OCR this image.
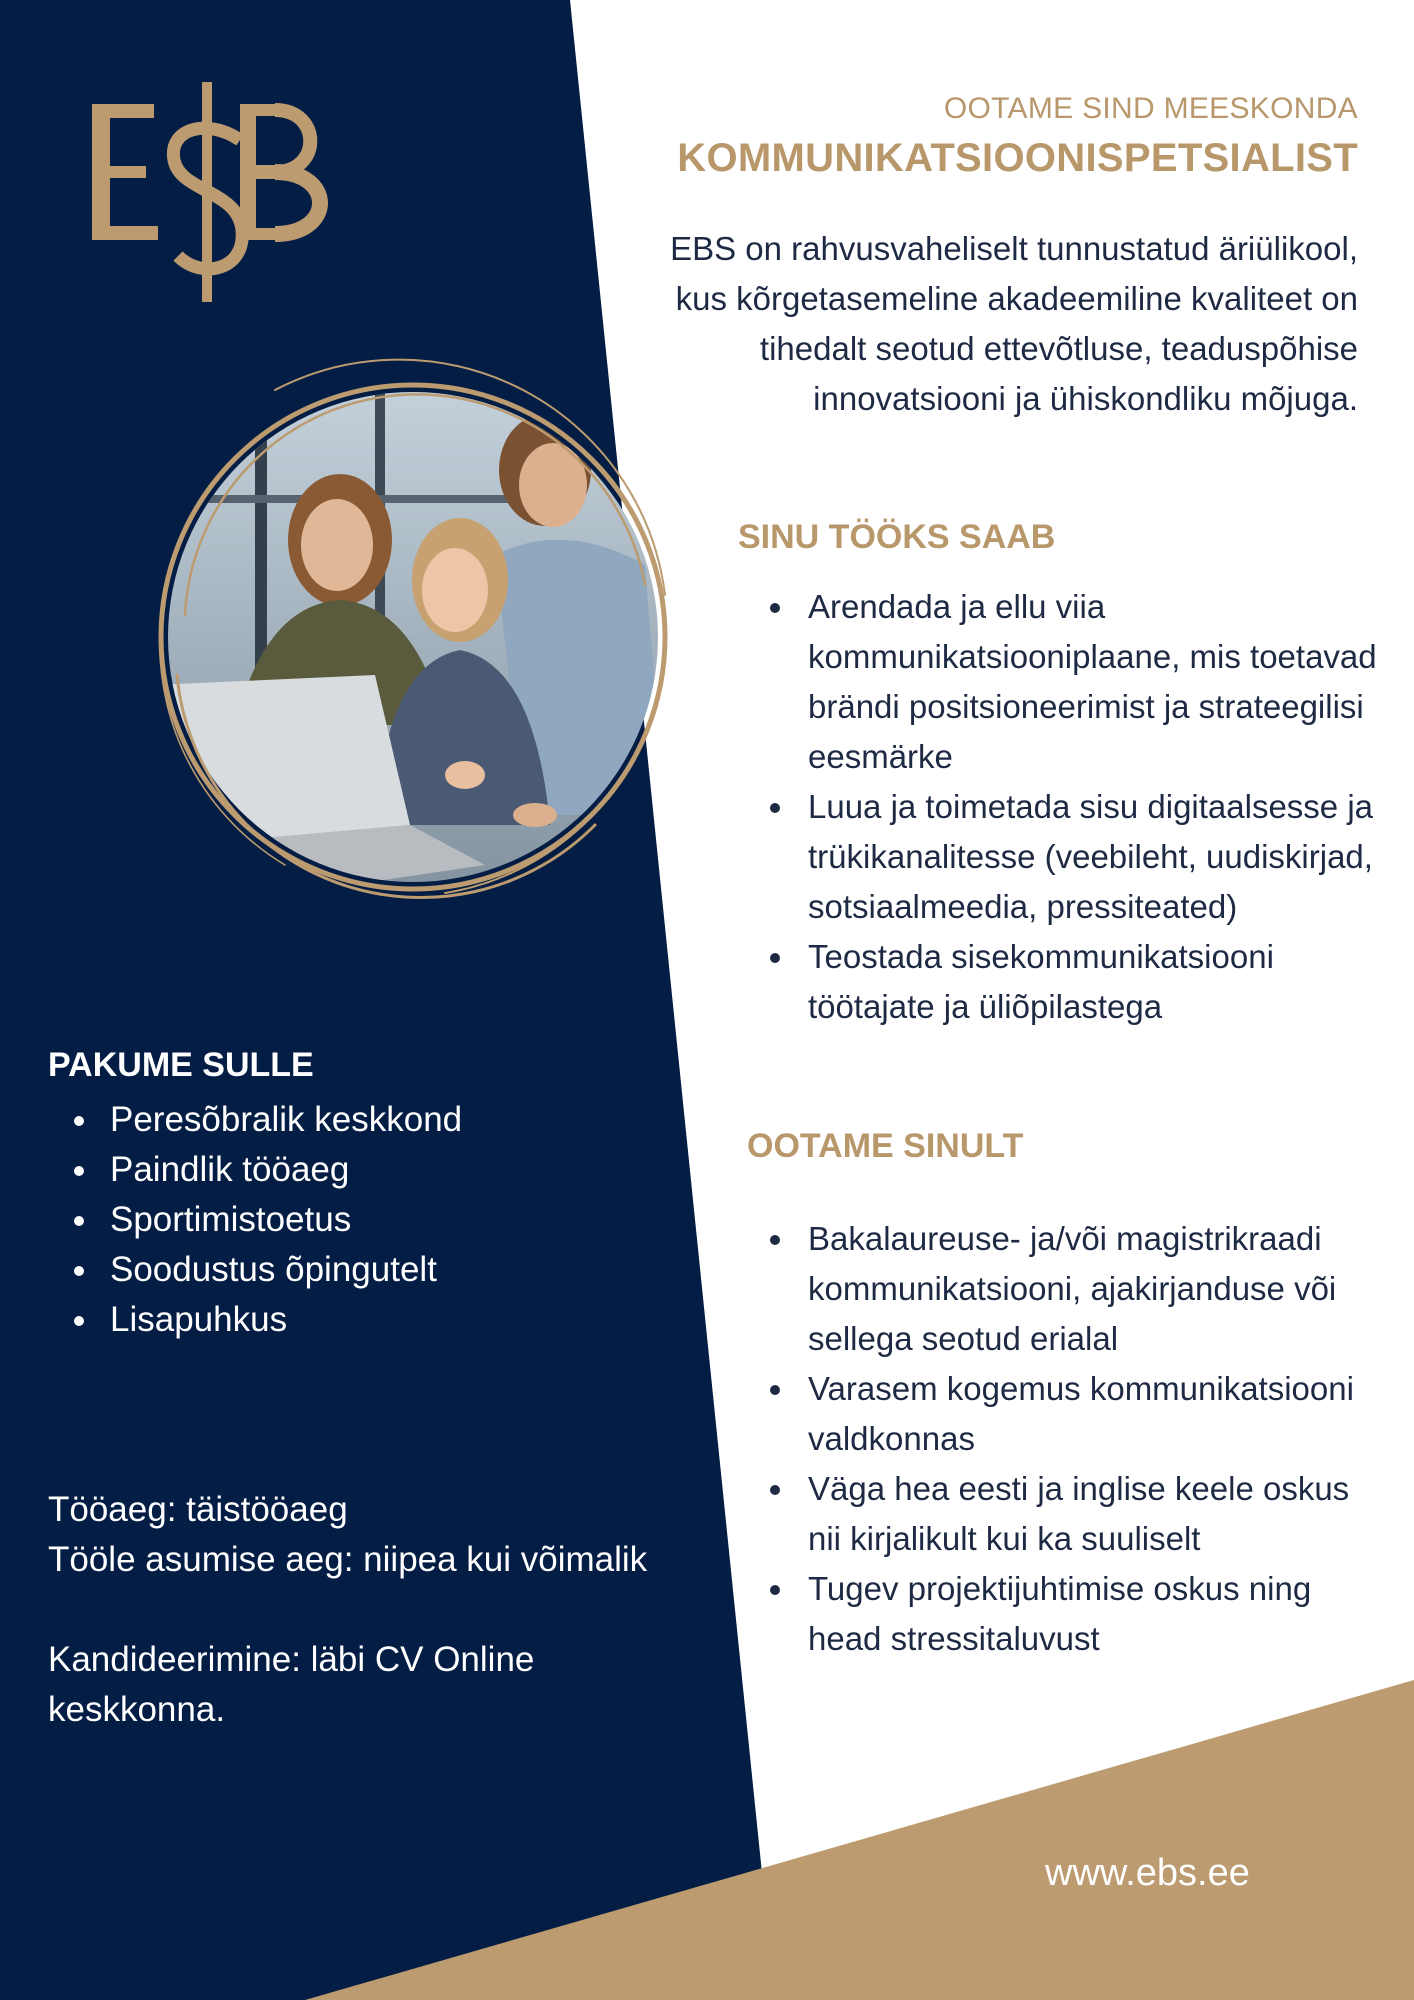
OOTAME SIND MEESKONDA
KOMMUNIKATSIOONISPETSIALIST
EBS on rahvusvaheliselt tunnustatud äriülikool, kus kõrgetasemeline akadeemiline kvaliteet on tihedalt seotud ettevõtluse, teaduspõhise innovatsiooni ja ühiskondliku mõjuga.
SINU TÖÖKS SAAB
Arendada ja ellu viia kommunikatsiooniplaane, mis toetavad brändi positsioneerimist ja strateegilisi eesmärke
Luua ja toimetada sisu digitaalsesse ja trükikanalitesse (veebileht, uudiskirjad, sotsiaalmeedia, pressiteated)
Teostada sisekommunikatsiooni töötajate ja üliõpilastega
OOTAME SINULT
Bakalaureuse- ja/või magistrikraadi kommunikatsiooni, ajakirjanduse või sellega seotud erialal
Varasem kogemus kommunikatsiooni valdkonnas
Väga hea eesti ja inglise keele oskus nii kirjalikult kui ka suuliselt
Tugev projektijuhtimise oskus ning head stressitaluvust
PAKUME SULLE
Peresõbralik keskkond
Paindlik tööaeg
Sportimistoetus
Soodustus õpingutelt
Lisapuhkus
Tööaeg: täistööaeg
Tööle asumise aeg: niipea kui võimalik
Kandideerimine: läbi CV Online keskkonna.
www.ebs.ee
